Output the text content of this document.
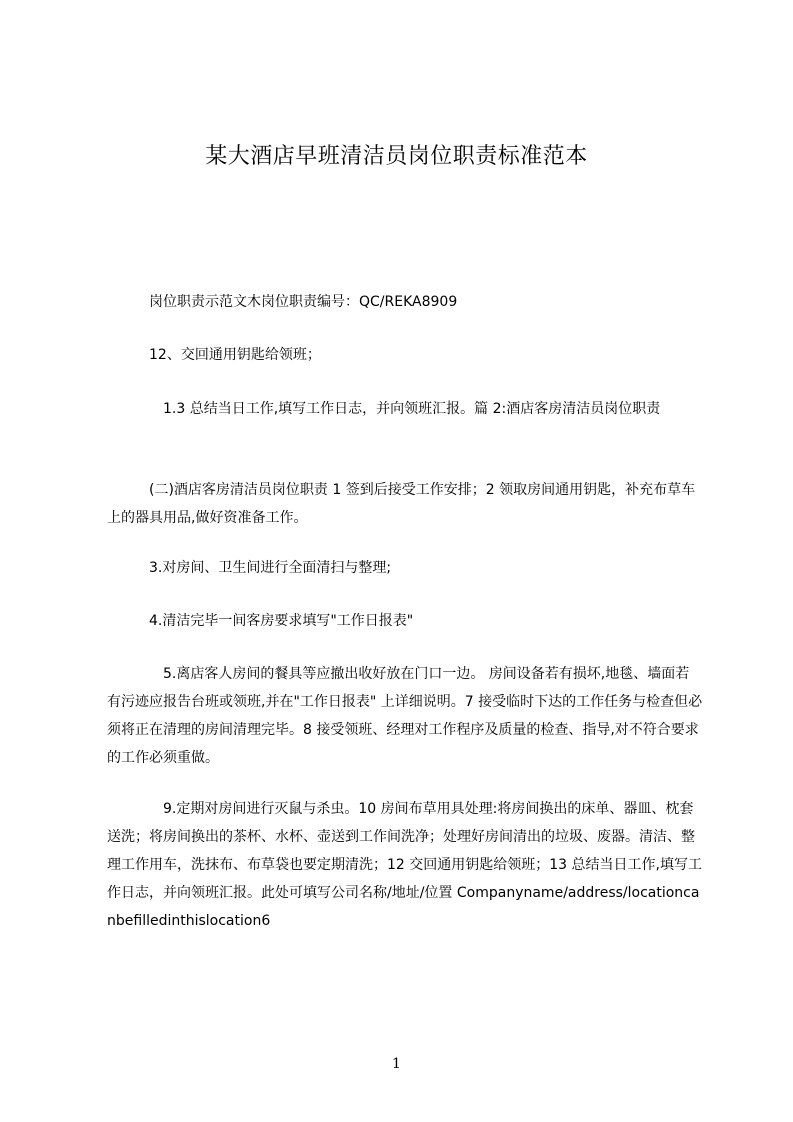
某大酒店早班清洁员岗位职责标准范本
　　　岗位职责示范文木岗位职责编号：QC/REKA8909
　　　12、交回通用钥匙给领班；
　　　　1.3 总结当日工作,填写工作日志，并向领班汇报。篇 2:酒店客房清洁员岗位职责
　　　(二)酒店客房清洁员岗位职责 1 签到后接受工作安排；2 领取房间通用钥匙，补充布草车上的器具用品,做好资准备工作。
　　　3.对房间、卫生间进行全面清扫与整理;
　　　4.清洁完毕一间客房要求填写"工作日报表"
　　　　5.离店客人房间的餐具等应撤出收好放在门口一边。 房间设备若有损坏,地毯、墙面若有污迹应报告台班或领班,并在"工作日报表" 上详细说明。7 接受临时下达的工作任务与检查但必须将正在清理的房间清理完毕。8 接受领班、经理对工作程序及质量的检查、指导,对不符合要求的工作必须重做。
　　　　9.定期对房间进行灭鼠与杀虫。10 房间布草用具处理:将房间换出的床单、器皿、枕套送洗；将房间换出的茶杯、水杯、壶送到工作间洗净；处理好房间清出的垃圾、废器。清洁、整理工作用车，洗抹布、布草袋也要定期清洗；12 交回通用钥匙给领班；13 总结当日工作,填写工作日志，并向领班汇报。此处可填写公司名称/地址/位置 Companyname/address/locationcanbefilledinthislocation6
1
